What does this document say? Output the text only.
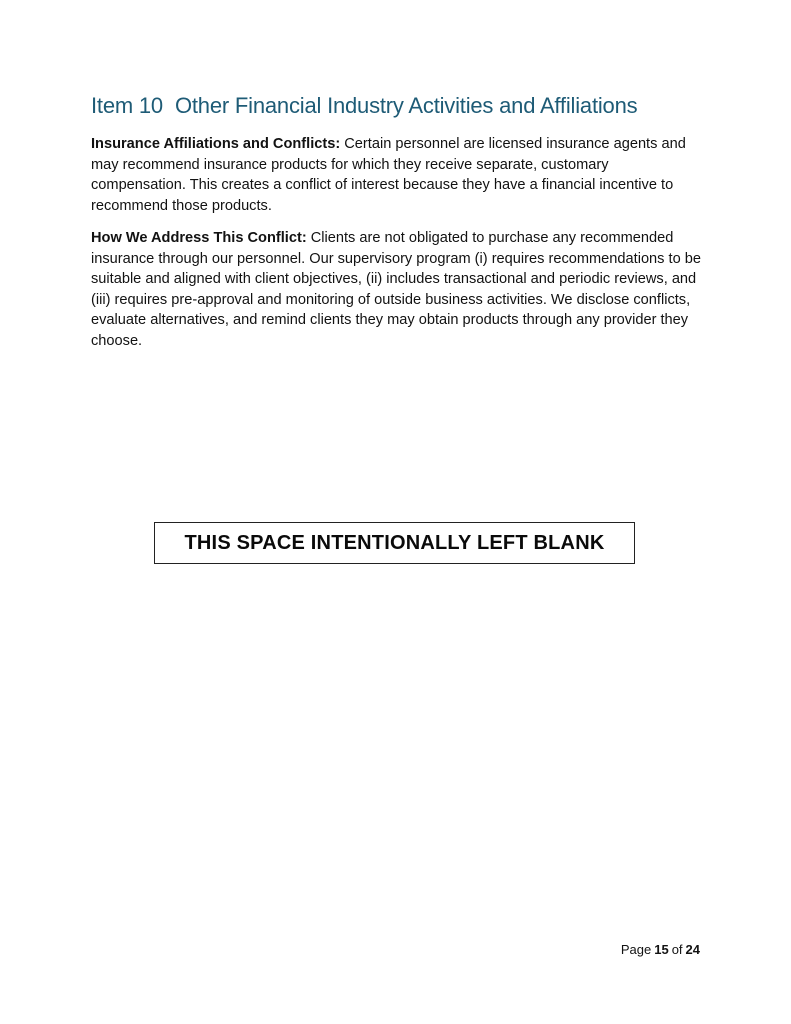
Item 10 Other Financial Industry Activities and Affiliations

Insurance Affiliations and Conflicts: Certain personnel are licensed insurance agents and may recommend insurance products for which they receive separate, customary compensation. This creates a conflict of interest because they have a financial incentive to recommend those products.

How We Address This Conflict: Clients are not obligated to purchase any recommended insurance through our personnel. Our supervisory program (i) requires recommendations to be suitable and aligned with client objectives, (ii) includes transactional and periodic reviews, and (iii) requires pre-approval and monitoring of outside business activities. We disclose conflicts, evaluate alternatives, and remind clients they may obtain products through any provider they choose.

THIS SPACE INTENTIONALLY LEFT BLANK
Page 15 of 24
